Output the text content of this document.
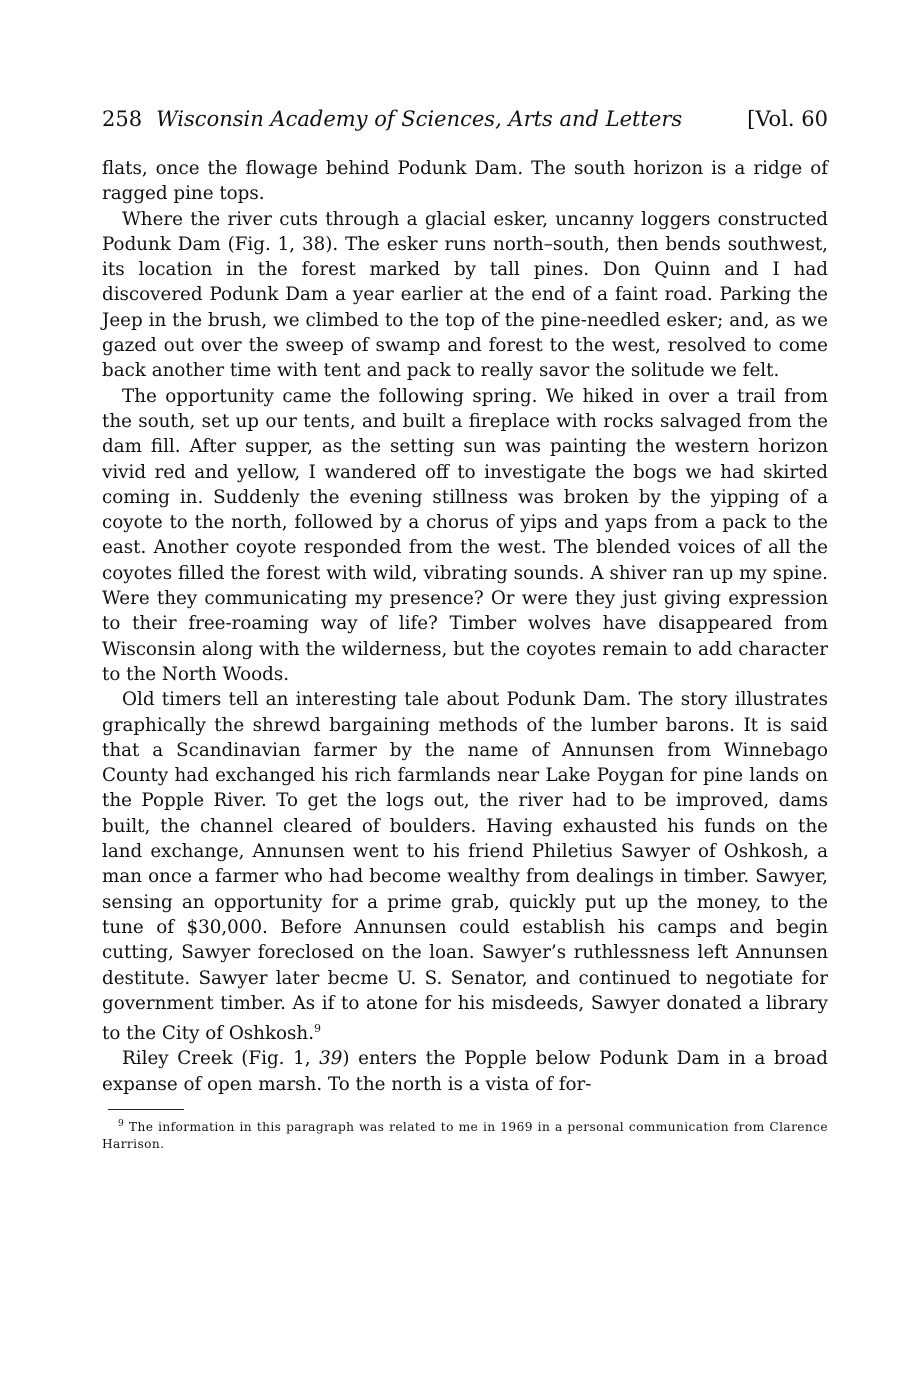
258 Wisconsin Academy of Sciences, Arts and Letters	[Vol. 60

flats, once the flowage behind Podunk Dam. The south horizon is a ridge of ragged pine tops.

Where the river cuts through a glacial esker, uncanny loggers constructed Podunk Dam (Fig. 1, 38). The esker runs north–south, then bends southwest, its location in the forest marked by tall pines. Don Quinn and I had discovered Podunk Dam a year earlier at the end of a faint road. Parking the Jeep in the brush, we climbed to the top of the pine-needled esker; and, as we gazed out over the sweep of swamp and forest to the west, resolved to come back another time with tent and pack to really savor the solitude we felt.

The opportunity came the following spring. We hiked in over a trail from the south, set up our tents, and built a fireplace with rocks salvaged from the dam fill. After supper, as the setting sun was painting the western horizon vivid red and yellow, I wandered off to investigate the bogs we had skirted coming in. Suddenly the evening stillness was broken by the yipping of a coyote to the north, followed by a chorus of yips and yaps from a pack to the east. Another coyote responded from the west. The blended voices of all the coyotes filled the forest with wild, vibrating sounds. A shiver ran up my spine. Were they communicating my presence? Or were they just giving expression to their free-roaming way of life? Timber wolves have disappeared from Wisconsin along with the wilderness, but the coyotes remain to add character to the North Woods.

Old timers tell an interesting tale about Podunk Dam. The story illustrates graphically the shrewd bargaining methods of the lumber barons. It is said that a Scandinavian farmer by the name of Annunsen from Winnebago County had exchanged his rich farmlands near Lake Poygan for pine lands on the Popple River. To get the logs out, the river had to be improved, dams built, the channel cleared of boulders. Having exhausted his funds on the land exchange, Annunsen went to his friend Philetius Sawyer of Oshkosh, a man once a farmer who had become wealthy from dealings in timber. Sawyer, sensing an opportunity for a prime grab, quickly put up the money, to the tune of $30,000. Before Annunsen could establish his camps and begin cutting, Sawyer foreclosed on the loan. Sawyer’s ruthlessness left Annunsen destitute. Sawyer later becme U. S. Senator, and continued to negotiate for government timber. As if to atone for his misdeeds, Sawyer donated a library to the City of Oshkosh.$^9$

Riley Creek (Fig. 1, 39) enters the Popple below Podunk Dam in a broad expanse of open marsh. To the north is a vista of for-

$^9$ The information in this paragraph was related to me in 1969 in a personal communication from Clarence Harrison.
